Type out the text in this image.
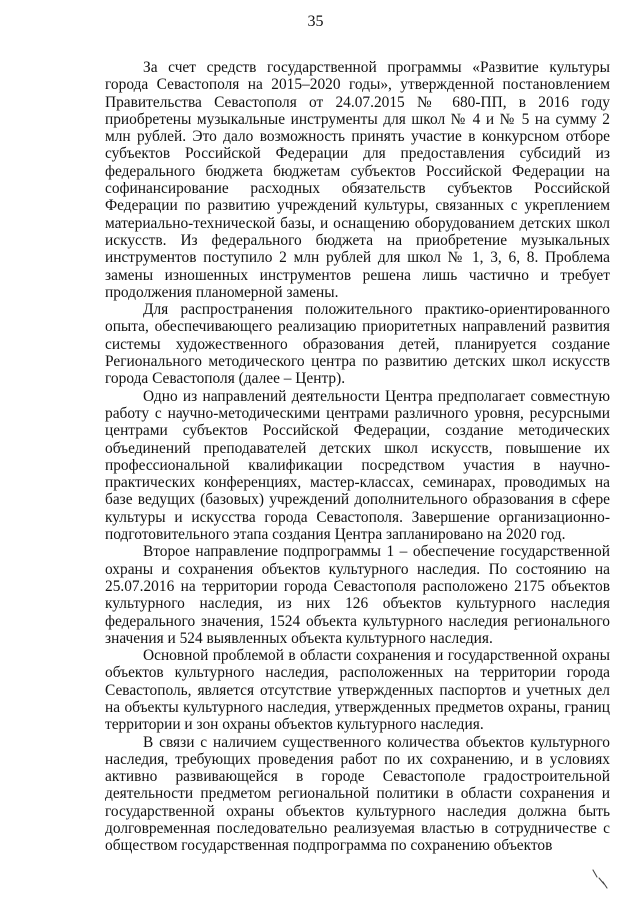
35

За счет средств государственной программы «Развитие культуры города Севастополя на 2015–2020 годы», утвержденной постановлением Правительства Севастополя от 24.07.2015 № 680-ПП, в 2016 году приобретены музыкальные инструменты для школ № 4 и № 5 на сумму 2 млн рублей. Это дало возможность принять участие в конкурсном отборе субъектов Российской Федерации для предоставления субсидий из федерального бюджета бюджетам субъектов Российской Федерации на софинансирование расходных обязательств субъектов Российской Федерации по развитию учреждений культуры, связанных с укреплением материально-технической базы, и оснащению оборудованием детских школ искусств. Из федерального бюджета на приобретение музыкальных инструментов поступило 2 млн рублей для школ № 1, 3, 6, 8. Проблема замены изношенных инструментов решена лишь частично и требует продолжения планомерной замены.

Для распространения положительного практико-ориентированного опыта, обеспечивающего реализацию приоритетных направлений развития системы художественного образования детей, планируется создание Регионального методического центра по развитию детских школ искусств города Севастополя (далее – Центр).

Одно из направлений деятельности Центра предполагает совместную работу с научно-методическими центрами различного уровня, ресурсными центрами субъектов Российской Федерации, создание методических объединений преподавателей детских школ искусств, повышение их профессиональной квалификации посредством участия в научно-практических конференциях, мастер-классах, семинарах, проводимых на базе ведущих (базовых) учреждений дополнительного образования в сфере культуры и искусства города Севастополя. Завершение организационно-подготовительного этапа создания Центра запланировано на 2020 год.

Второе направление подпрограммы 1 – обеспечение государственной охраны и сохранения объектов культурного наследия. По состоянию на 25.07.2016 на территории города Севастополя расположено 2175 объектов культурного наследия, из них 126 объектов культурного наследия федерального значения, 1524 объекта культурного наследия регионального значения и 524 выявленных объекта культурного наследия.

Основной проблемой в области сохранения и государственной охраны объектов культурного наследия, расположенных на территории города Севастополь, является отсутствие утвержденных паспортов и учетных дел на объекты культурного наследия, утвержденных предметов охраны, границ территории и зон охраны объектов культурного наследия.

В связи с наличием существенного количества объектов культурного наследия, требующих проведения работ по их сохранению, и в условиях активно развивающейся в городе Севастополе градостроительной деятельности предметом региональной политики в области сохранения и государственной охраны объектов культурного наследия должна быть долговременная последовательно реализуемая властью в сотрудничестве с обществом государственная подпрограмма по сохранению объектов
